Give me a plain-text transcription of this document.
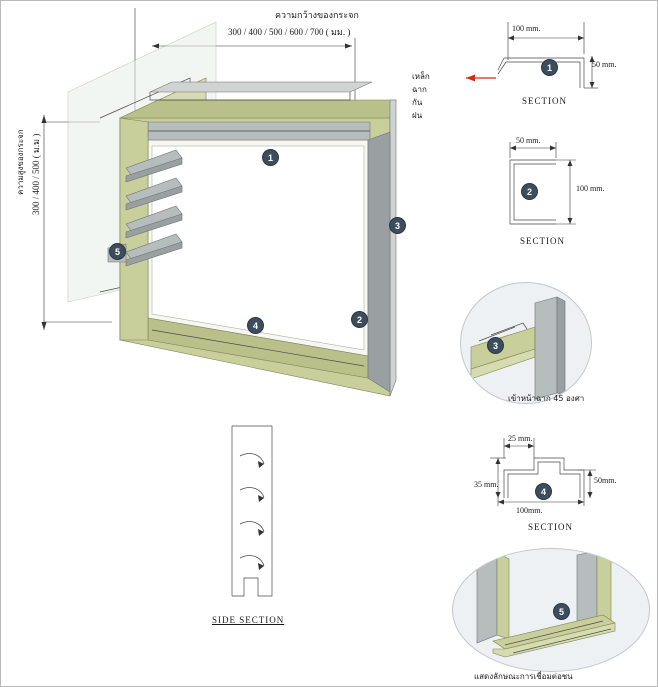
ความกว้างของกระจก
300 / 400 / 500 / 600 / 700 ( มม. )
ความสูงของกระจก 300 / 400 / 500 ( ม.ม )
เหล็กฉากกันฝน
1
2
3
4
5
SIDE SECTION
100 mm.
50 mm.
1
SECTION
50 mm.
100 mm.
2
SECTION
3
เข้าหน้าฉาก 45 องศา
25 mm.
35 mm.	50mm.
100mm.
4
SECTION
5
แสดงลักษณะการเชื่อมต่อชน
